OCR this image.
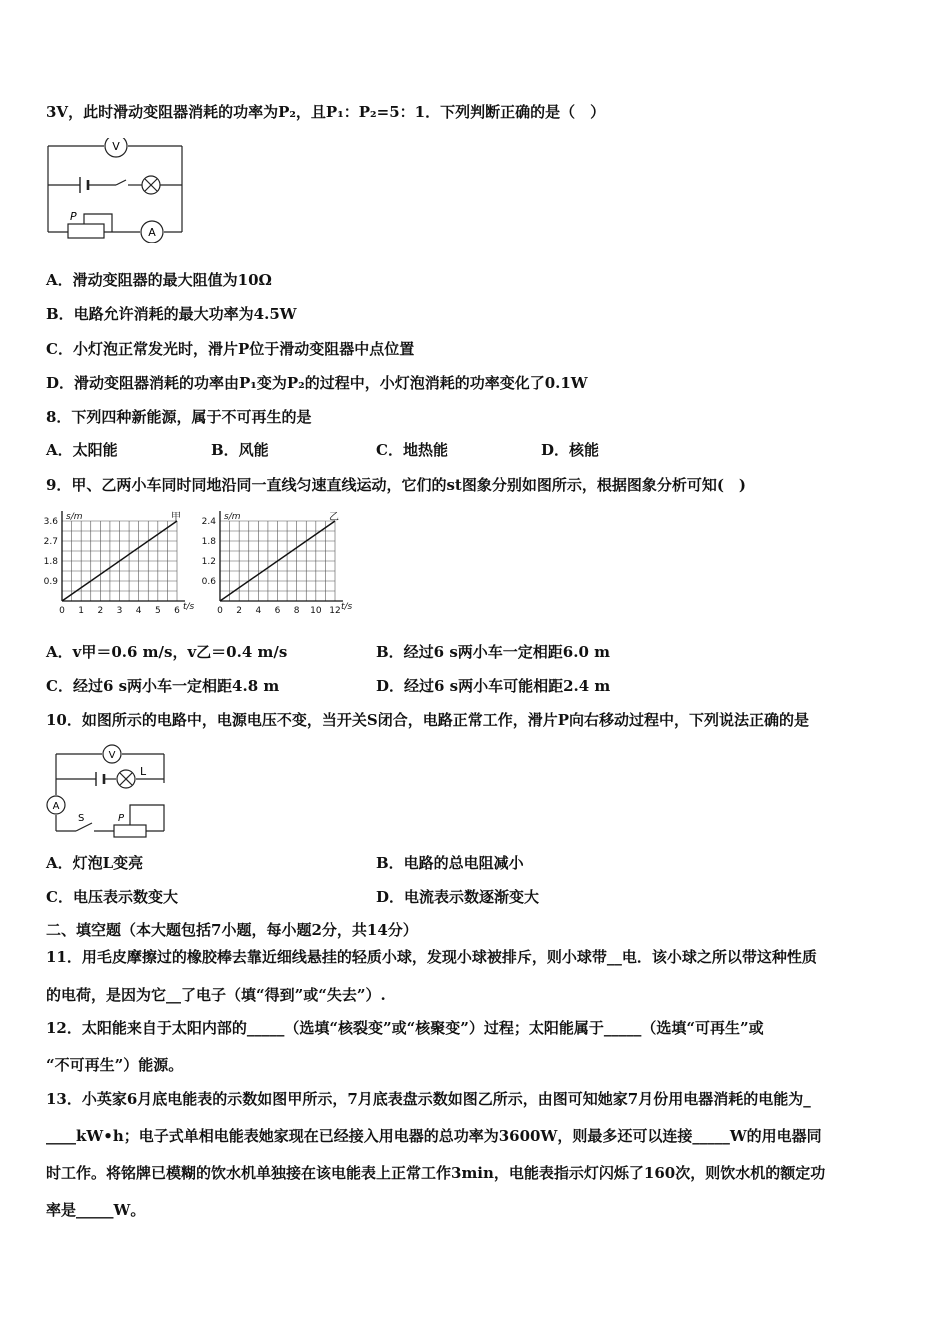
3V，此时滑动变阻器消耗的功率为P₂，且P₁：P₂=5：1．下列判断正确的是（　）
V
A
P
A．滑动变阻器的最大阻值为10Ω
B．电路允许消耗的最大功率为4.5W
C．小灯泡正常发光时，滑片P位于滑动变阻器中点位置
D．滑动变阻器消耗的功率由P₁变为P₂的过程中，小灯泡消耗的功率变化了0.1W
8．下列四种新能源，属于不可再生的是
A．太阳能	B．风能	C．地热能	D．核能
9．甲、乙两小车同时同地沿同一直线匀速直线运动，它们的st图象分别如图所示，根据图象分析可知(　)
0 1 2 3 4 5 6
0.9
1.8
2.7
3.6
t/s
s/m	甲
0 2 4 6 8 10 12
0.6
1.2
1.8
2.4
t/s
s/m	乙
A．v甲＝0.6 m/s，v乙＝0.4 m/s	B．经过6 s两小车一定相距6.0 m
C．经过6 s两小车一定相距4.8 m	D．经过6 s两小车可能相距2.4 m
10．如图所示的电路中，电源电压不变，当开关S闭合，电路正常工作，滑片P向右移动过程中，下列说法正确的是
V
L
A
S	P
A．灯泡L变亮	B．电路的总电阻减小
C．电压表示数变大	D．电流表示数逐渐变大
二、填空题（本大题包括7小题，每小题2分，共14分）
11．用毛皮摩擦过的橡胶棒去靠近细线悬挂的轻质小球，发现小球被排斥，则小球带__电．该小球之所以带这种性质
的电荷，是因为它__了电子（填“得到”或“失去”）.
12．太阳能来自于太阳内部的_____（选填“核裂变”或“核聚变”）过程；太阳能属于_____（选填“可再生”或
“不可再生”）能源。
13．小英家6月底电能表的示数如图甲所示，7月底表盘示数如图乙所示，由图可知她家7月份用电器消耗的电能为_
____kW•h；电子式单相电能表她家现在已经接入用电器的总功率为3600W，则最多还可以连接_____W的用电器同
时工作。将铭牌已模糊的饮水机单独接在该电能表上正常工作3min，电能表指示灯闪烁了160次，则饮水机的额定功
率是_____W。
